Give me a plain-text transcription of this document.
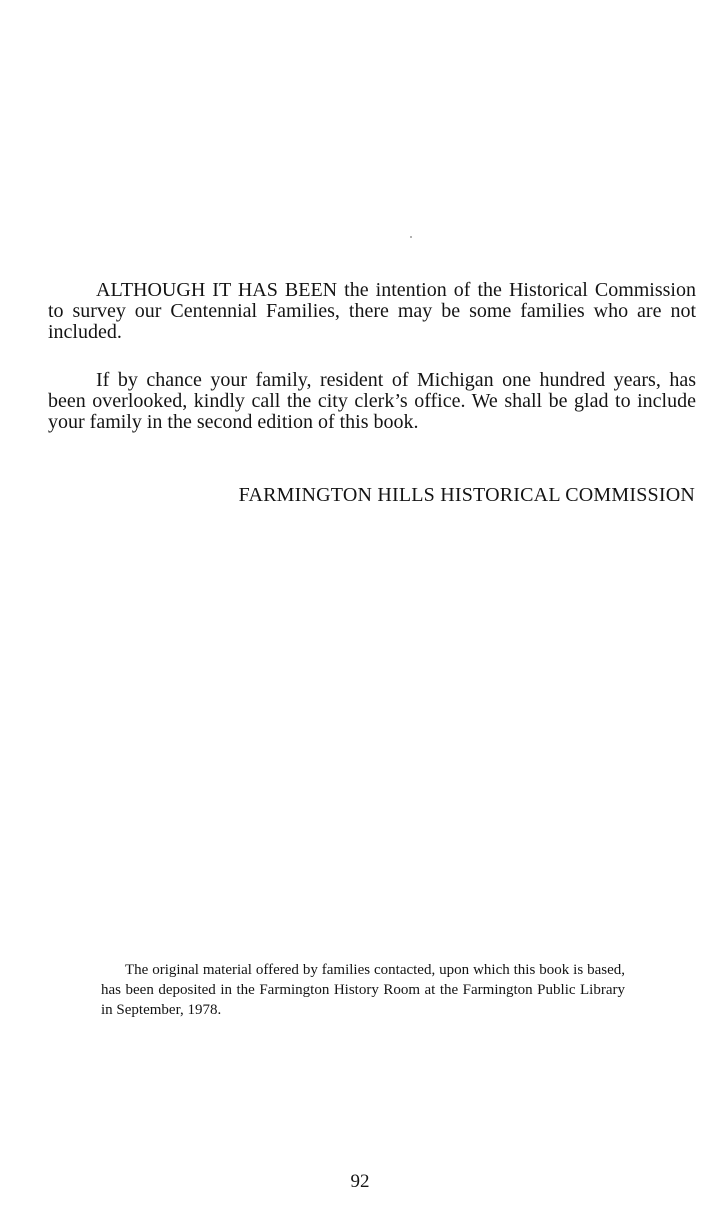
ALTHOUGH IT HAS BEEN the intention of the Historical Commission to survey our Centennial Families, there may be some families who are not included.

If by chance your family, resident of Michigan one hundred years, has been overlooked, kindly call the city clerk’s office. We shall be glad to include your family in the second edition of this book.

FARMINGTON HILLS HISTORICAL COMMISSION

The original material offered by families contacted, upon which this book is based, has been deposited in the Farmington History Room at the Farmington Public Library in September, 1978.

92
